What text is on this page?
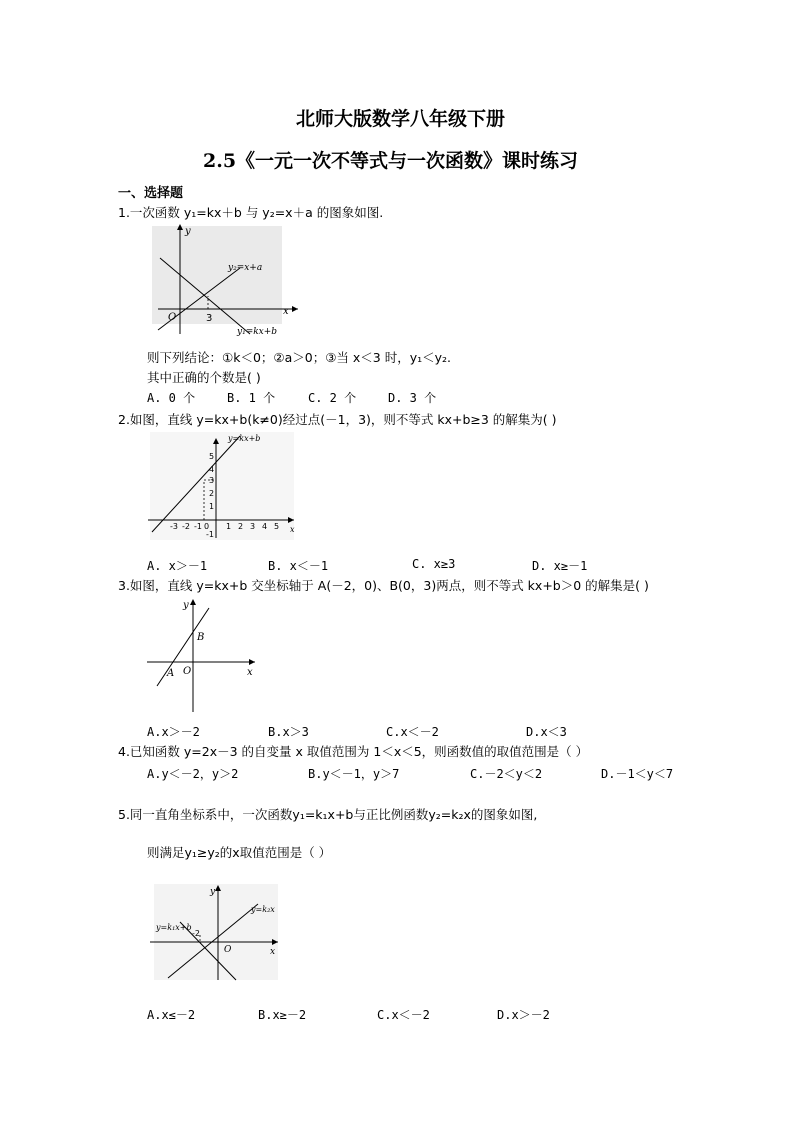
北师大版数学八年级下册
2.5《一元一次不等式与一次函数》课时练习
一、选择题
1.一次函数 y₁=kx＋b 与 y₂=x＋a 的图象如图.
y
x
O	3
y₂=x+a
y₁=kx+b
则下列结论：①k＜0；②a＞0；③当 x＜3 时，y₁＜y₂.
其中正确的个数是( )
A. 0 个	B. 1 个	C. 2 个	D. 3 个
2.如图，直线 y=kx+b(k≠0)经过点(－1，3)，则不等式 kx+b≥3 的解集为( )
y=kx+b
x
-3 -2 -1 0 1 2 3 4 5
5
4
3
2
1
-1
A. x＞－1	B. x＜－1	C. x≥3	D. x≥－1
3.如图，直线 y=kx+b 交坐标轴于 A(－2，0)、B(0，3)两点，则不等式 kx+b＞0 的解集是( )
y
x
B
A O
A.x＞－2	B.x＞3	C.x＜－2	D.x＜3
4.已知函数 y=2x－3 的自变量 x 取值范围为 1＜x＜5，则函数值的取值范围是（ ）
A.y＜－2，y＞2	B.y＜－1，y＞7	C.－2＜y＜2	D.－1＜y＜7
5.同一直角坐标系中，一次函数y₁=k₁x+b与正比例函数y₂=k₂x的图象如图,
则满足y₁≥y₂的x取值范围是（ ）
y
x
O
-2
y=k₁x+b
y=k₂x
A.x≤－2	B.x≥－2	C.x＜－2	D.x＞－2
